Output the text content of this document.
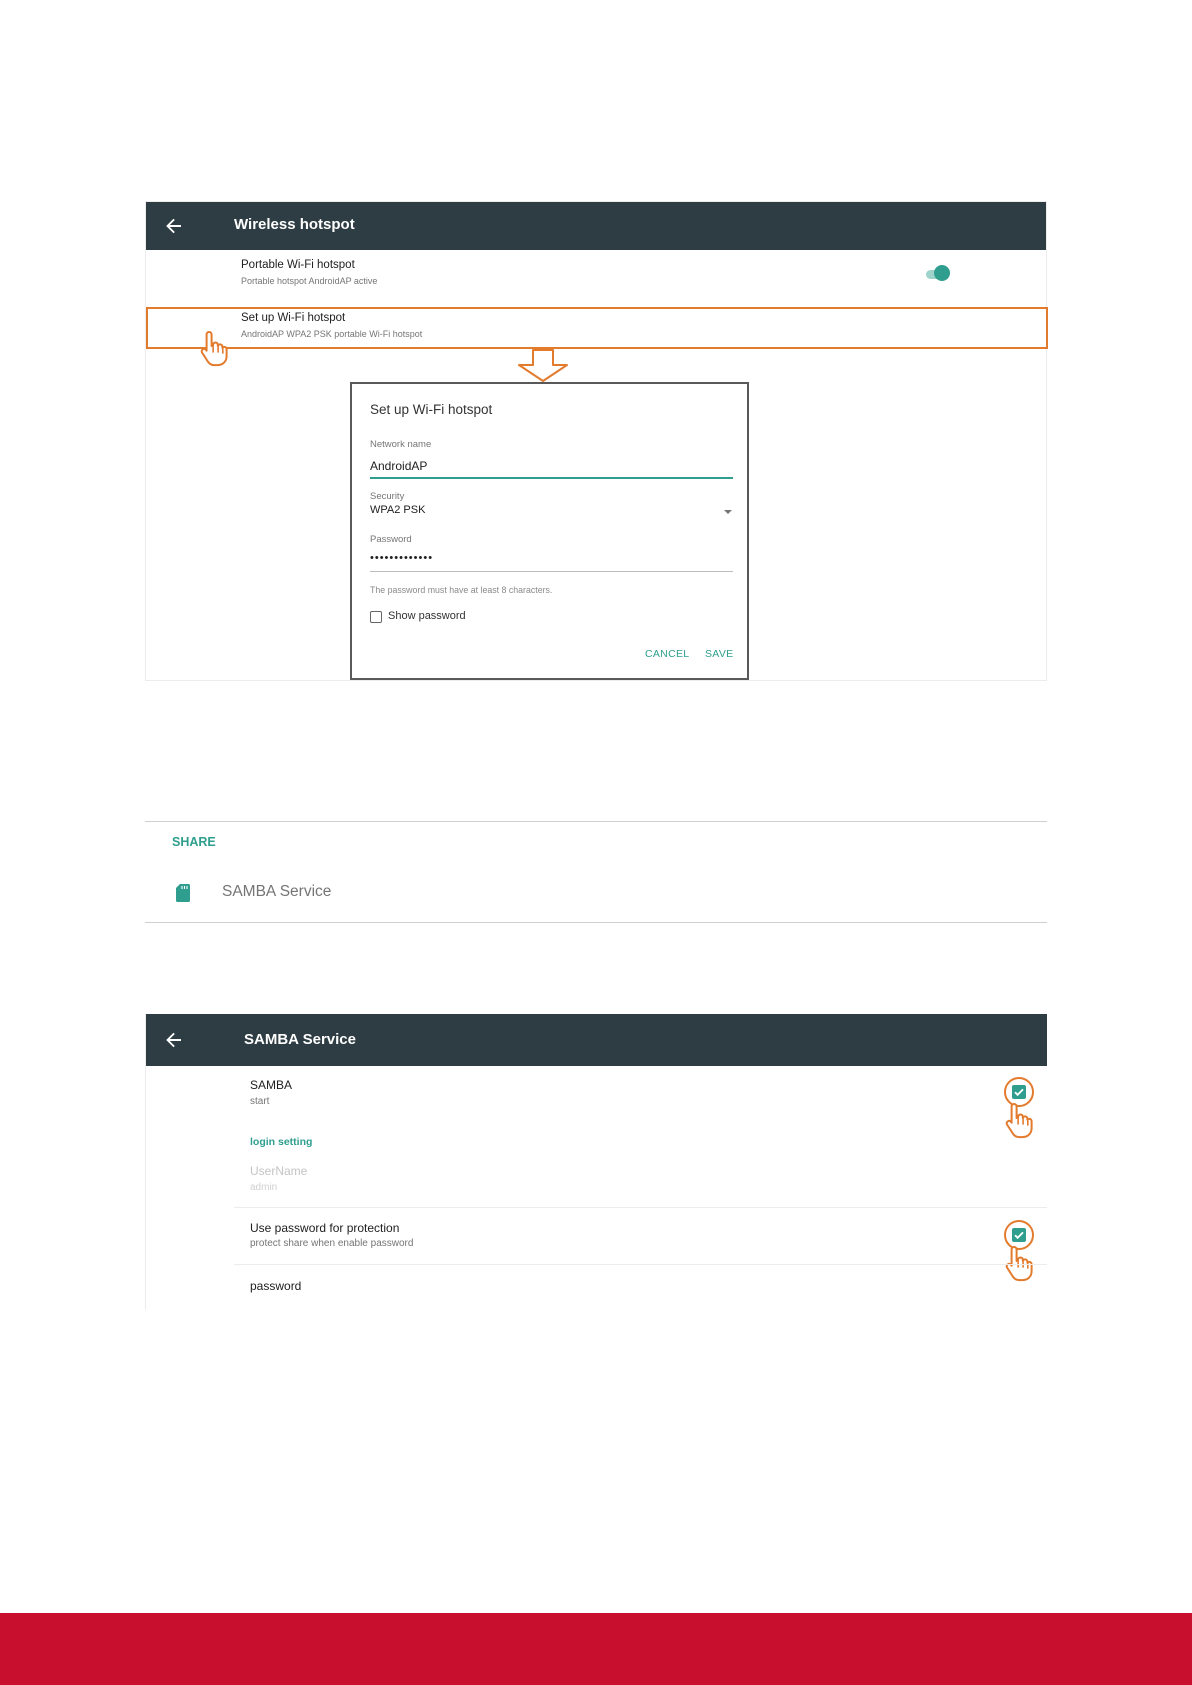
Wireless hotspot
Portable Wi-Fi hotspot
Portable hotspot AndroidAP active
Set up Wi-Fi hotspot
AndroidAP WPA2 PSK portable Wi-Fi hotspot
Set up Wi-Fi hotspot
Network name
AndroidAP
Security
WPA2 PSK
Password
•••••••••••••
The password must have at least 8 characters.
Show password
CANCEL SAVE
SHARE
SAMBA Service
SAMBA Service
SAMBA
start
login setting
UserName
admin
Use password for protection
protect share when enable password
password
